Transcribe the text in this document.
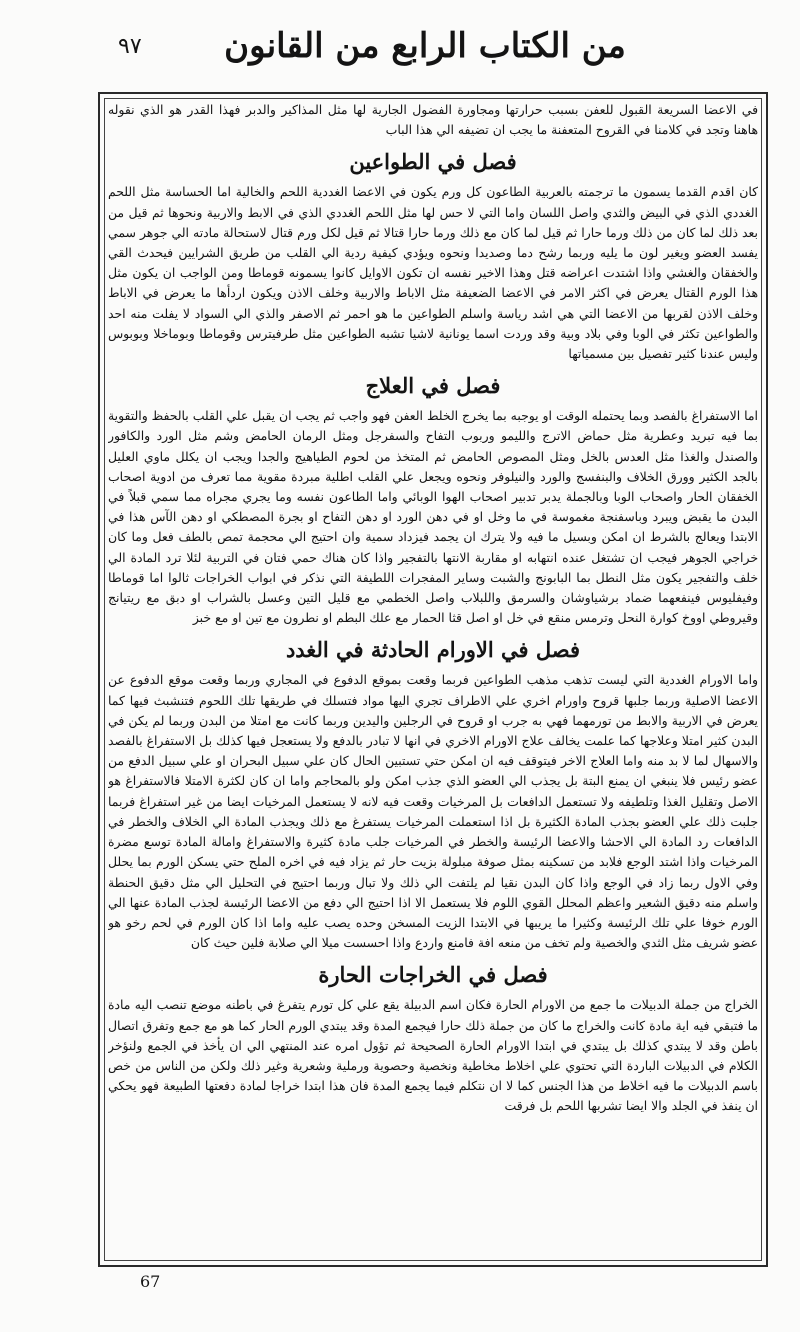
٩٧	من الكتاب الرابع من القانون

في الاعضا السريعة القبول للعفن بسبب حرارتها ومجاورة الفضول الجارية لها مثل المذاكير والدبر فهذا القدر هو الذي نقوله هاهنا وتجد في كلامنا في القروح المتعفنة ما يجب ان تضيفه الي هذا الباب

فصل في الطواعين

كان اقدم القدما يسمون ما ترجمته بالعربية الطاعون كل ورم يكون في الاعضا الغددية اللحم والخالية اما الحساسة مثل اللحم الغددي الذي في البيض والثدي واصل اللسان واما التي لا حس لها مثل اللحم الغددي الذي في الابط والاربية ونحوها ثم قيل من بعد ذلك لما كان من ذلك ورما حارا ثم قيل لما كان مع ذلك ورما حارا قتالا ثم قيل لكل ورم قتال لاستحالة مادته الي جوهر سمي يفسد العضو ويغير لون ما يليه وربما رشح دما وصديدا ونحوه ويؤدي كيفية ردية الي القلب من طريق الشرايين فيحدث القي والخفقان والغشي واذا اشتدت اعراضه قتل وهذا الاخير نفسه ان تكون الاوايل كانوا يسمونه قوماطا ومن الواجب ان يكون مثل هذا الورم القتال يعرض في اكثر الامر في الاعضا الضعيفة مثل الاباط والاربية وخلف الاذن ويكون اردأها ما يعرض في الاباط وخلف الاذن لقربها من الاعضا التي هي اشد رياسة واسلم الطواعين ما هو احمر ثم الاصفر والذي الي السواد لا يفلت منه احد والطواعين تكثر في الوبا وفي بلاد وبية وقد وردت اسما يونانية لاشيا تشبه الطواعين مثل طرفيترس وقوماطا وبوماخلا وبوبوس وليس عندنا كثير تفصيل بين مسمياتها

فصل في العلاج

اما الاستفراغ بالفصد وبما يحتمله الوقت او يوجبه بما يخرج الخلط العفن فهو واجب ثم يجب ان يقبل علي القلب بالحفظ والتقوية بما فيه تبريد وعطرية مثل حماض الاترج والليمو وربوب التفاح والسفرجل ومثل الرمان الحامض وشم مثل الورد والكافور والصندل والغذا مثل العدس بالخل ومثل المصوص الحامض ثم المتخذ من لحوم الطياهيج والجدا ويجب ان يكلل ماوي العليل بالجد الكثير وورق الخلاف والبنفسج والورد والنيلوفر ونحوه ويجعل علي القلب اطلية مبردة مقوية مما تعرف من ادوية اصحاب الخفقان الحار واصحاب الوبا وبالجملة يدبر تدبير اصحاب الهوا الوبائي واما الطاعون نفسه وما يجري مجراه مما سمي قبلاً في البدن ما يقبض ويبرد وباسفنجة مغموسة في ما وخل او في دهن الورد او دهن التفاح او بجرة المصطكي او دهن الآس هذا في الابتدا ويعالج بالشرط ان امكن وبسيل ما فيه ولا يترك ان يجمد فيزداد سمية وان احتيج الي محجمة تمص بالطف فعل وما كان خراجي الجوهر فيجب ان تشتغل عنده انتهابه او مقاربة الانتها بالتفجير واذا كان هناك حمي فتان في التربية لئلا ترد المادة الي خلف والتفجير يكون مثل النطل بما البابونج والشبت وساير المفجرات اللطيفة التي نذكر في ابواب الخراجات ثالوا اما قوماطا وفيفليوس فينفعهما ضماد برشياوشان والسرمق واللبلاب واصل الخطمي مع قليل التين وعسل بالشراب او دبق مع ريتيانج وقيروطي اووخ كوارة النحل وترمس منقع في خل او اصل قثا الحمار مع علك البطم او نطرون مع تين او مع خبز

فصل في الاورام الحادثة في الغدد

واما الاورام الغددية التي ليست تذهب مذهب الطواعين فربما وقعت بموقع الدفوع في المجاري وربما وقعت موقع الدفوع عن الاعضا الاصلية وربما جلبها قروح واورام اخري علي الاطراف تجري اليها مواد فتسلك في طريقها تلك اللحوم فتنشبث فيها كما يعرض في الاربية والابط من تورمهما فهي به جرب او قروح في الرجلين واليدين وربما كانت مع امتلا من البدن وربما لم يكن في البدن كثير امتلا وعلاجها كما علمت يخالف علاج الاورام الاخري في انها لا تبادر بالدفع ولا يستعجل فيها كذلك بل الاستفراغ بالفصد والاسهال لما لا بد منه واما العلاج الاخر فيتوقف فيه ان امكن حتي تستبين الحال كان علي سبيل البحران او علي سبيل الدفع من عضو رئيس فلا ينبغي ان يمنع البتة بل يجذب الي العضو الذي جذب امكن ولو بالمحاجم واما ان كان لكثرة الامتلا فالاستفراغ هو الاصل وتقليل الغذا وتلطيفه ولا تستعمل الدافعات بل المرخيات وقعت فيه لانه لا يستعمل المرخيات ايضا من غير استفراغ فربما جلبت ذلك علي العضو بجذب المادة الكثيرة بل اذا استعملت المرخيات يستفرغ مع ذلك ويجذب المادة الي الخلاف والخطر في الدافعات رد المادة الي الاحشا والاعضا الرئيسة والخطر في المرخيات جلب مادة كثيرة والاستفراغ وامالة المادة توسع مضرة المرخيات واذا اشتد الوجع فلابد من تسكينه بمثل صوفة مبلولة بزيت حار ثم يزاد فيه في اخره الملح حتي يسكن الورم بما يحلل وفي الاول ربما زاد في الوجع واذا كان البدن نقيا لم يلتفت الي ذلك ولا تبال وربما احتيج في التحليل الي مثل دقيق الحنطة واسلم منه دقيق الشعير واعظم المحلل القوي اللوم فلا يستعمل الا اذا احتيج الي دفع من الاعضا الرئيسة لجذب المادة عنها الي الورم خوفا علي تلك الرئيسة وكثيرا ما يريبها في الابتدا الزيت المسخن وحده يصب عليه واما اذا كان الورم في لحم رخو هو عضو شريف مثل الثدي والخصية ولم تخف من منعه افة فامنع واردع واذا احسست ميلا الي صلابة فلين حيث كان

فصل في الخراجات الحارة

الخراج من جملة الدبيلات ما جمع من الاورام الحارة فكان اسم الدبيلة يقع علي كل تورم يتفرغ في باطنه موضع تنصب اليه مادة ما فتبقي فيه اية مادة كانت والخراج ما كان من جملة ذلك حارا فيجمع المدة وقد يبتدي الورم الحار كما هو مع جمع وتفرق اتصال باطن وقد لا يبتدي كذلك بل يبتدي في ابتدا الاورام الحارة الصحيحة ثم تؤول امره عند المنتهي الي ان يأخذ في الجمع ولنؤخر الكلام في الدبيلات الباردة التي تحتوي علي اخلاط مخاطية ونخصية وحصوية ورملية وشعرية وغير ذلك ولكن من الناس من خص باسم الدبيلات ما فيه اخلاط من هذا الجنس كما لا ان نتكلم فيما يجمع المدة فان هذا ابتدا خراجا لمادة دفعتها الطبيعة فهو يحكي ان ينفذ في الجلد والا ايضا تشربها اللحم بل فرقت

67
